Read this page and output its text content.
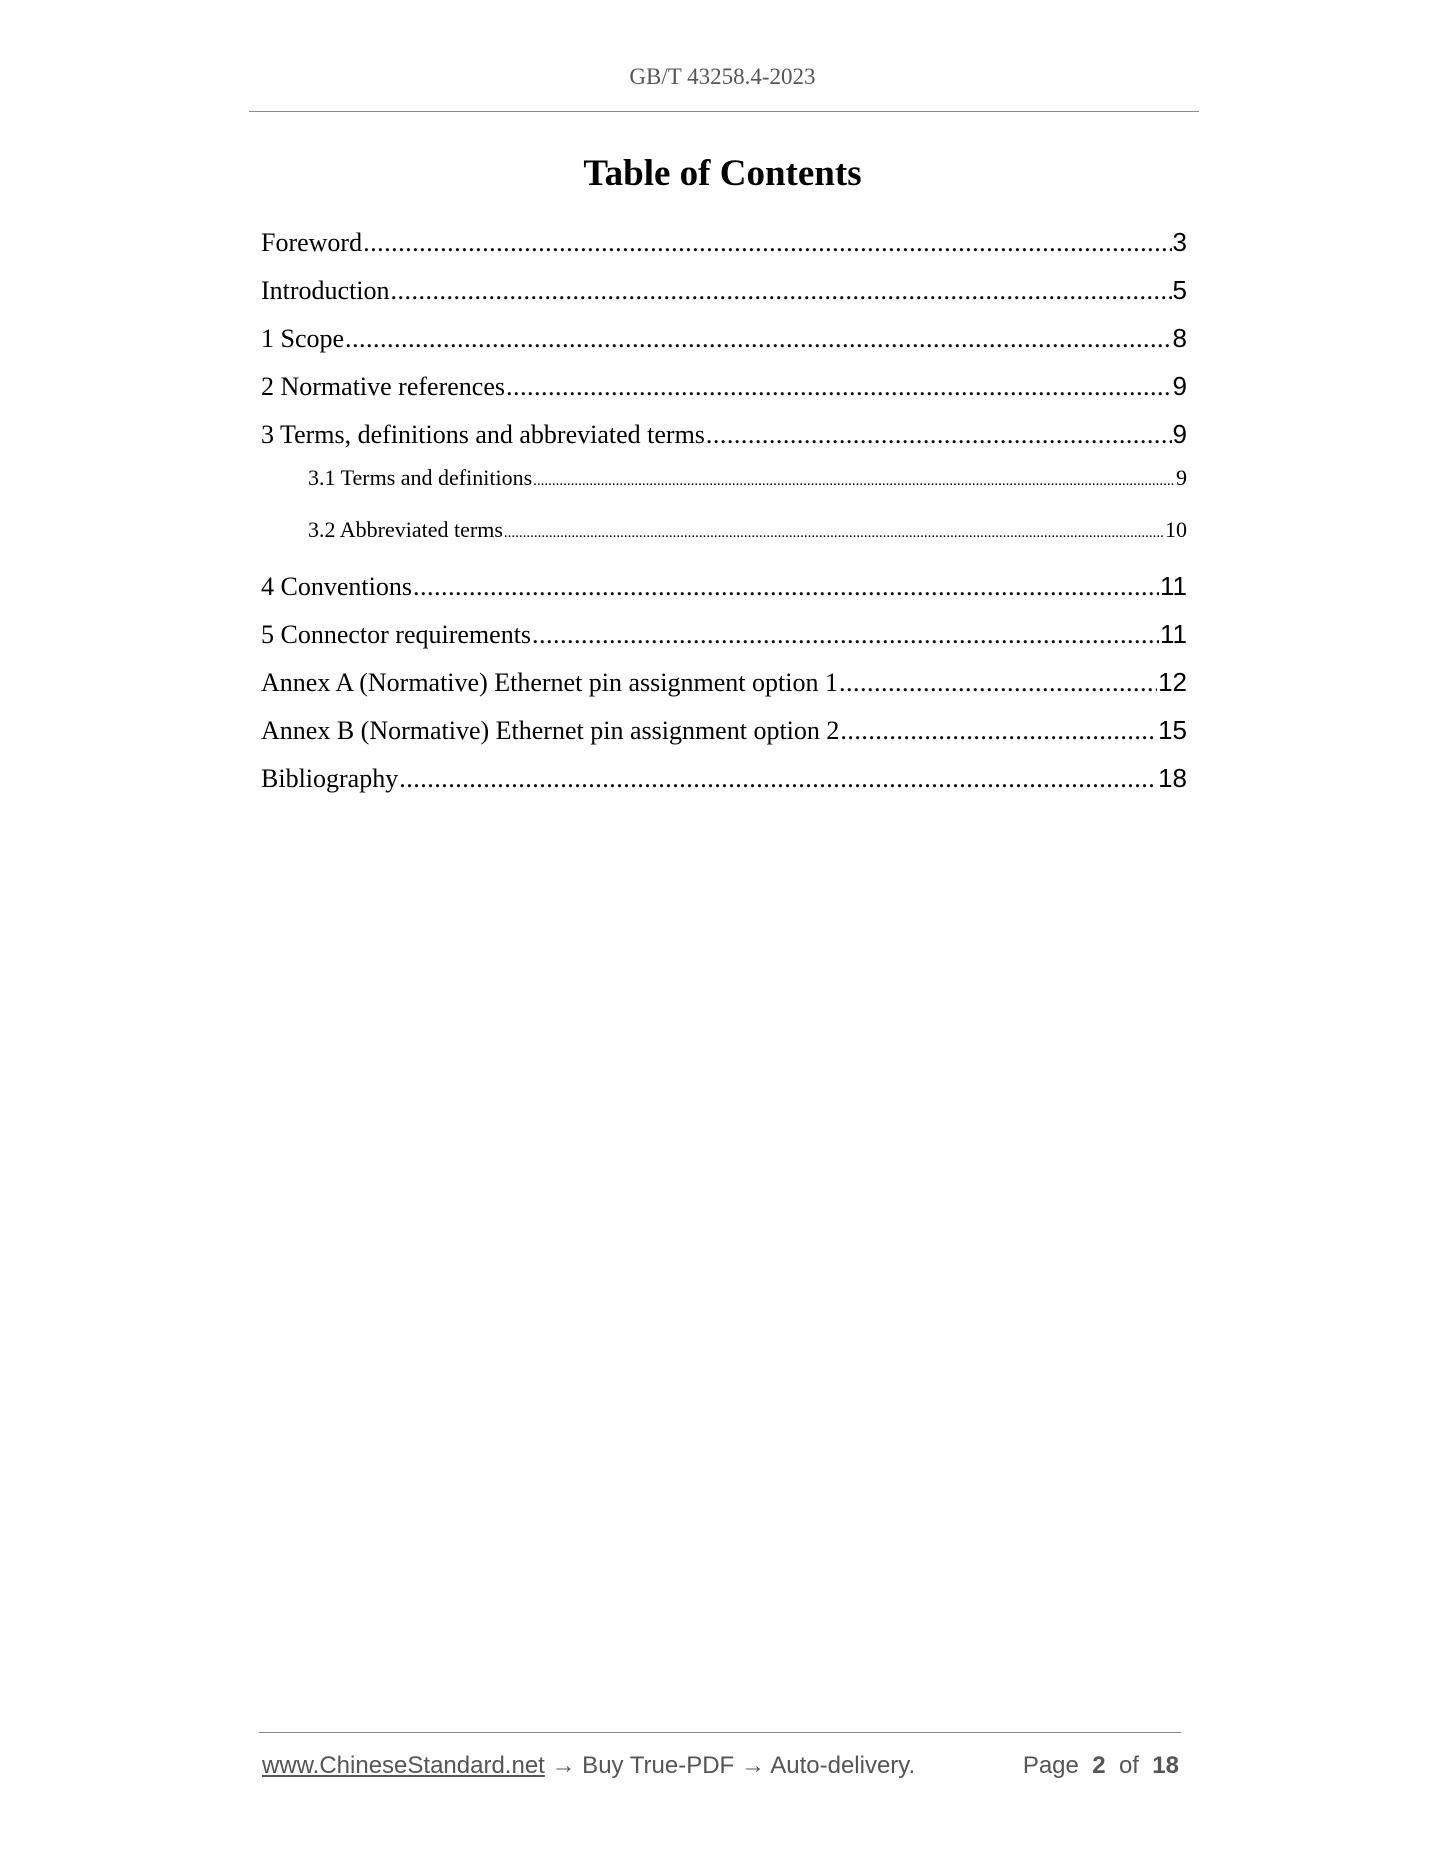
GB/T 43258.4-2023
Table of Contents
Foreword .....	3
Introduction .....	5
1 Scope .....	8
2 Normative references .....	9
3 Terms, definitions and abbreviated terms .....	9
3.1 Terms and definitions .....	9
3.2 Abbreviated terms .....	10
4 Conventions .....	11
5 Connector requirements .....	11
Annex A (Normative) Ethernet pin assignment option 1 .....	12
Annex B (Normative) Ethernet pin assignment option 2 .....	15
Bibliography .....	18
www.ChineseStandard.net → Buy True-PDF → Auto-delivery.	Page 2 of 18
